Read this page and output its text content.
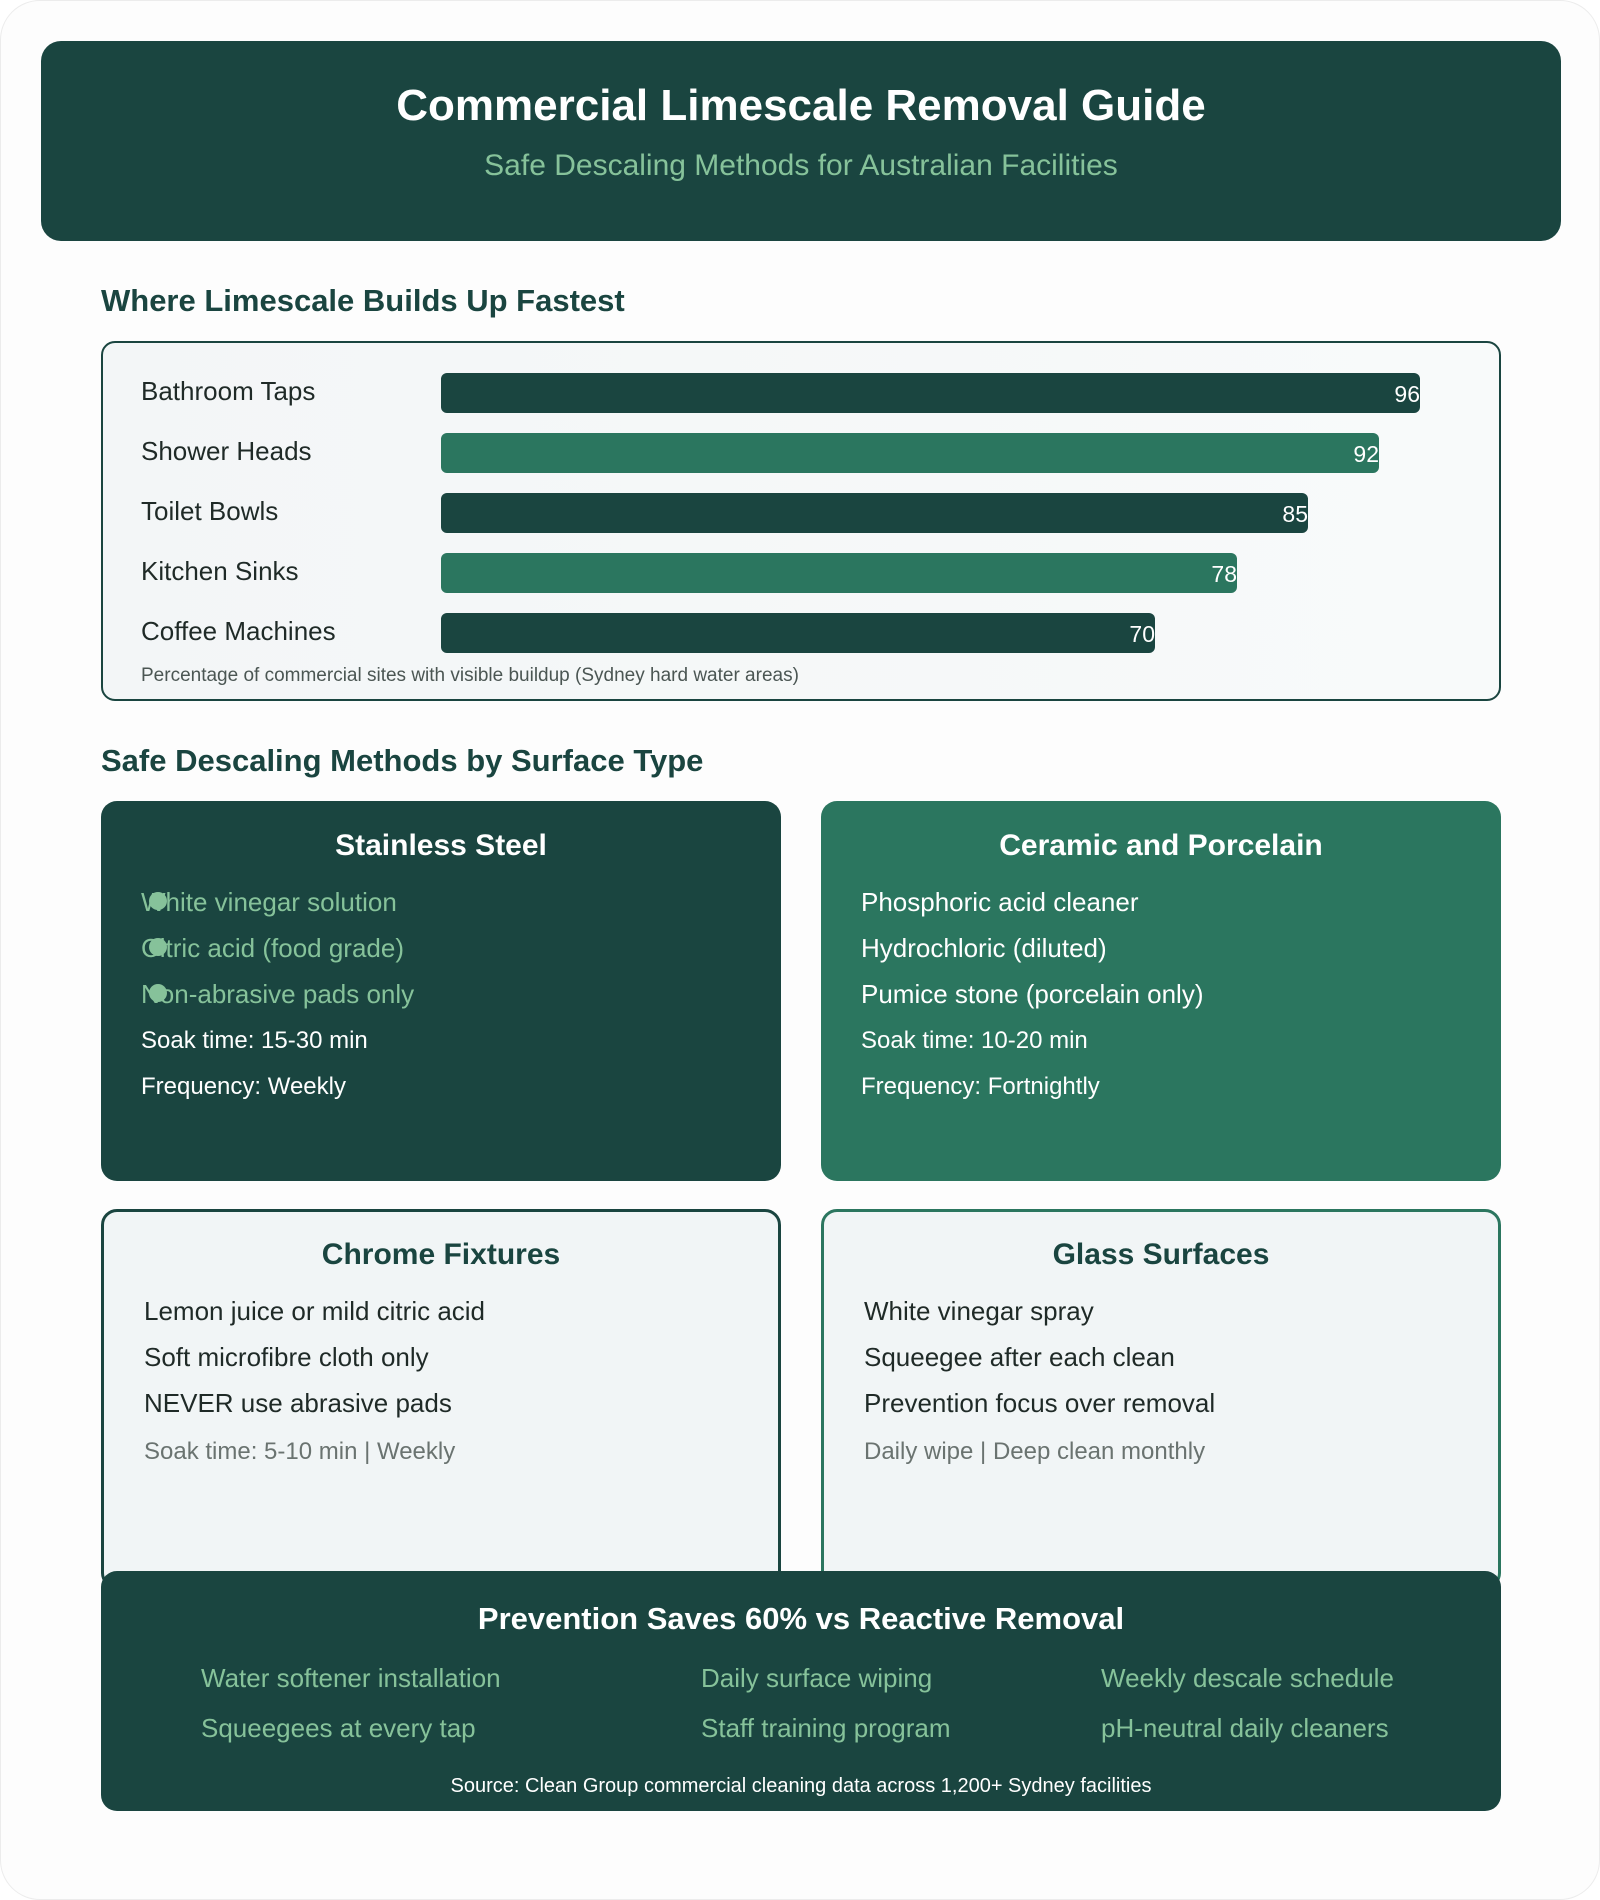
Commercial Limescale Removal Guide
Safe Descaling Methods for Australian Facilities
Where Limescale Builds Up Fastest
Bathroom Taps	96
Shower Heads	92
Toilet Bowls	85
Kitchen Sinks	78
Coffee Machines	70
Percentage of commercial sites with visible buildup (Sydney hard water areas)
Safe Descaling Methods by Surface Type
Stainless Steel
White vinegar solution
Citric acid (food grade)
Non-abrasive pads only
Soak time: 15-30 min
Frequency: Weekly
Ceramic and Porcelain
Phosphoric acid cleaner
Hydrochloric (diluted)
Pumice stone (porcelain only)
Soak time: 10-20 min
Frequency: Fortnightly
Chrome Fixtures
Lemon juice or mild citric acid
Soft microfibre cloth only
NEVER use abrasive pads
Soak time: 5-10 min | Weekly
Glass Surfaces
White vinegar spray
Squeegee after each clean
Prevention focus over removal
Daily wipe | Deep clean monthly
Prevention Saves 60% vs Reactive Removal
Water softener installation	Daily surface wiping	Weekly descale schedule
Squeegees at every tap	Staff training program	pH-neutral daily cleaners
Source: Clean Group commercial cleaning data across 1,200+ Sydney facilities
